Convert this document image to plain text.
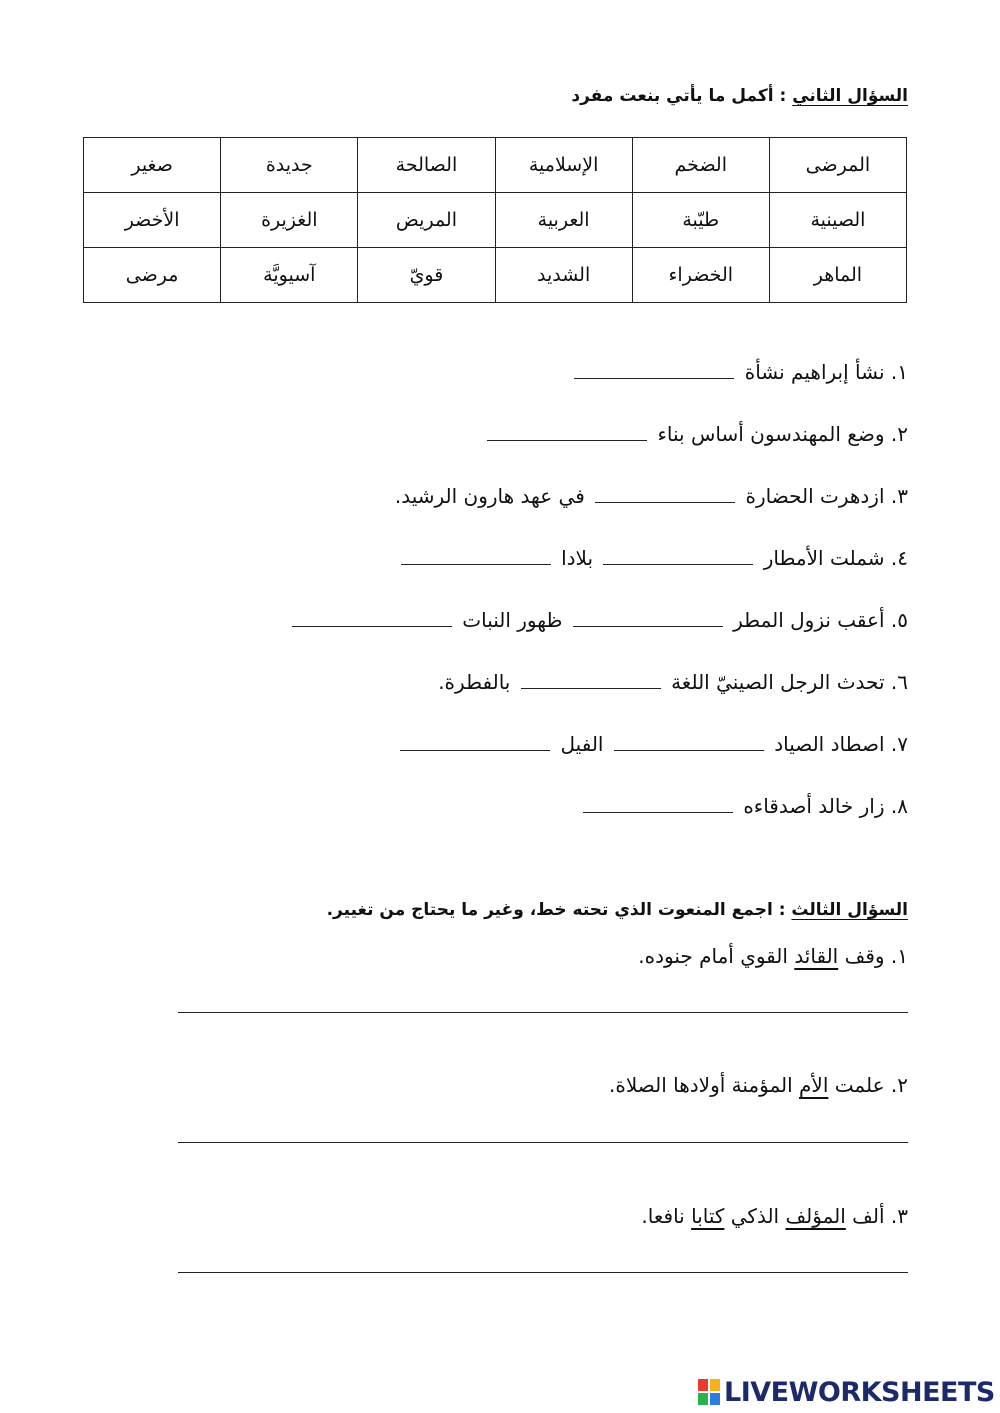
السؤال الثاني : أكمل ما يأتي بنعت مفرد
المرضى	الضخم	الإسلامية	الصالحة	جديدة	صغير
الصينية	طيّبة	العربية	المريض	الغزيرة	الأخضر
الماهر	الخضراء	الشديد	قويّ	آسيويَّة	مرضى
١. نشأ إبراهيم نشأة
٢. وضع المهندسون أساس بناء
٣. ازدهرت الحضارة  في عهد هارون الرشيد.
٤. شملت الأمطار  بلادا
٥. أعقب نزول المطر  ظهور النبات
٦. تحدث الرجل الصينيّ اللغة  بالفطرة.
٧. اصطاد الصياد  الفيل
٨. زار خالد أصدقاءه
السؤال الثالث : اجمع المنعوت الذي تحته خط، وغير ما يحتاج من تغيير.
١. وقف القائد القوي أمام جنوده.
٢. علمت الأم المؤمنة أولادها الصلاة.
٣. ألف المؤلف الذكي كتابا نافعا.
LIVEWORKSHEETS
